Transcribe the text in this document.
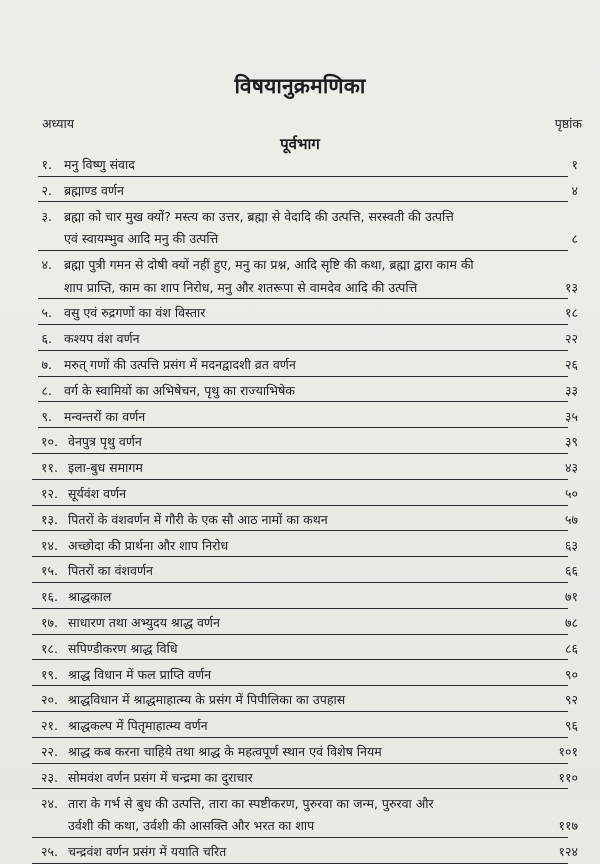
विषयानुक्रमणिका
अध्याय	पृष्ठांक
पूर्वभाग
१. मनु विष्णु संवाद	१
२. ब्रह्माण्ड वर्णन	४
३. ब्रह्मा को चार मुख क्यों? मस्त्य का उत्तर, ब्रह्मा से वेदादि की उत्पत्ति, सरस्वती की उत्पत्ति
एवं स्वायम्भुव आदि मनु की उत्पत्ति	८
४. ब्रह्मा पुत्री गमन से दोषी क्यों नहीं हुए, मनु का प्रश्न, आदि सृष्टि की कथा, ब्रह्मा द्वारा काम की
शाप प्राप्ति, काम का शाप निरोध, मनु और शतरूपा से वामदेव आदि की उत्पत्ति	१३
५. वसु एवं रुद्रगणों का वंश विस्तार	१८
६. कश्यप वंश वर्णन	२२
७. मरुत् गणों की उत्पत्ति प्रसंग में मदनद्वादशी व्रत वर्णन	२६
८. वर्ग के स्वामियों का अभिषेचन, पृथु का राज्याभिषेक	३३
९. मन्वन्तरों का वर्णन	३५
१०. वेनपुत्र पृथु वर्णन	३९
११. इला-बुध समागम	४३
१२. सूर्यवंश वर्णन	५०
१३. पितरों के वंशवर्णन में गौरी के एक सौ आठ नामों का कथन	५७
१४. अच्छोदा की प्रार्थना और शाप निरोध	६३
१५. पितरों का वंशवर्णन	६६
१६. श्राद्धकाल	७१
१७. साधारण तथा अभ्युदय श्राद्ध वर्णन	७८
१८. सपिण्डीकरण श्राद्ध विधि	८६
१९. श्राद्ध विधान में फल प्राप्ति वर्णन	९०
२०. श्राद्धविधान में श्राद्धमाहात्म्य के प्रसंग में पिपीलिका का उपहास	९२
२१. श्राद्धकल्प में पितृमाहात्म्य वर्णन	९६
२२. श्राद्ध कब करना चाहिये तथा श्राद्ध के महत्वपूर्ण स्थान एवं विशेष नियम	१०१
२३. सोमवंश वर्णन प्रसंग में चन्द्रमा का दुराचार	११०
२४. तारा के गर्भ से बुध की उत्पत्ति, तारा का स्पष्टीकरण, पुरुरवा का जन्म, पुरुरवा और
उर्वशी की कथा, उर्वशी की आसक्ति और भरत का शाप	११७
२५. चन्द्रवंश वर्णन प्रसंग में ययाति चरित	१२४
